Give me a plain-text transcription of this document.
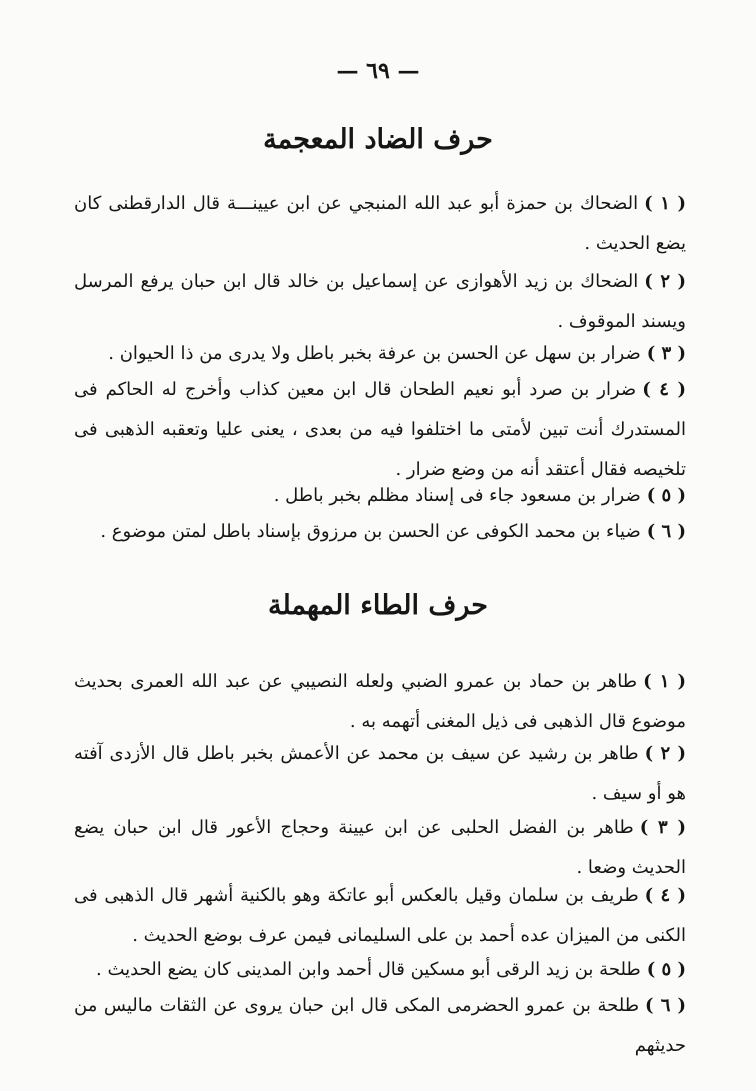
— ٦٩ —
حرف الضاد المعجمة
( ١ )الضحاك بن حمزة أبو عبد الله المنبجي عن ابن عيينـــة قال الدارقطنى كان يضع الحديث .
( ٢ )الضحاك بن زيد الأهوازى عن إسماعيل بن خالد قال ابن حبان يرفع المرسل ويسند الموقوف .
( ٣ )ضرار بن سهل عن الحسن بن عرفة بخبر باطل ولا يدرى من ذا الحيوان .
( ٤ )ضرار بن صرد أبو نعيم الطحان قال ابن معين كذاب وأخرج له الحاكم فى المستدرك أنت تبين لأمتى ما اختلفوا فيه من بعدى ، يعنى عليا وتعقبه الذهبى فى تلخيصه فقال أعتقد أنه من وضع ضرار .
( ٥ )ضرار بن مسعود جاء فى إسناد مظلم بخبر باطل .
( ٦ )ضياء بن محمد الكوفى عن الحسن بن مرزوق بإسناد باطل لمتن موضوع .
حرف الطاء المهملة
( ١ )طاهر بن حماد بن عمرو الضبي ولعله النصيبي عن عبد الله العمرى بحديث موضوع قال الذهبى فى ذيل المغنى أتهمه به .
( ٢ )طاهر بن رشيد عن سيف بن محمد عن الأعمش بخبر باطل قال الأزدى آفته هو أو سيف .
( ٣ )طاهر بن الفضل الحلبى عن ابن عيينة وحجاج الأعور قال ابن حبان يضع الحديث وضعا .
( ٤ )طريف بن سلمان وقيل بالعكس أبو عاتكة وهو بالكنية أشهر قال الذهبى فى الكنى من الميزان عده أحمد بن على السليمانى فيمن عرف بوضع الحديث .
( ٥ )طلحة بن زيد الرقى أبو مسكين قال أحمد وابن المدينى كان يضع الحديث .
( ٦ )طلحة بن عمرو الحضرمى المكى قال ابن حبان يروى عن الثقات ماليس من حديثهم
